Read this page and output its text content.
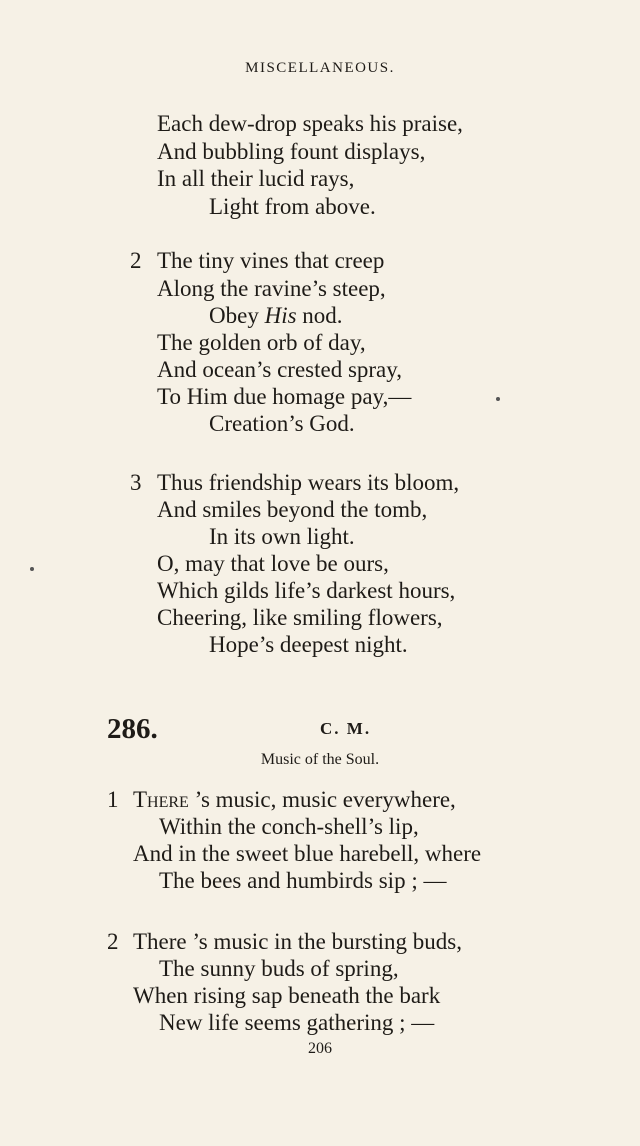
MISCELLANEOUS.
Each dew-drop speaks his praise,
And bubbling fount displays,
In all their lucid rays,
Light from above.
2 The tiny vines that creep
Along the ravine’s steep,
Obey His nod.
The golden orb of day,
And ocean’s crested spray,
To Him due homage pay,—
Creation’s God.
3 Thus friendship wears its bloom,
And smiles beyond the tomb,
In its own light.
O, may that love be ours,
Which gilds life’s darkest hours,
Cheering, like smiling flowers,
Hope’s deepest night.
286.	C. M.
Music of the Soul.
1 There ’s music, music everywhere,
Within the conch-shell’s lip,
And in the sweet blue harebell, where
The bees and humbirds sip ; —
2 There ’s music in the bursting buds,
The sunny buds of spring,
When rising sap beneath the bark
New life seems gathering ; —
206
